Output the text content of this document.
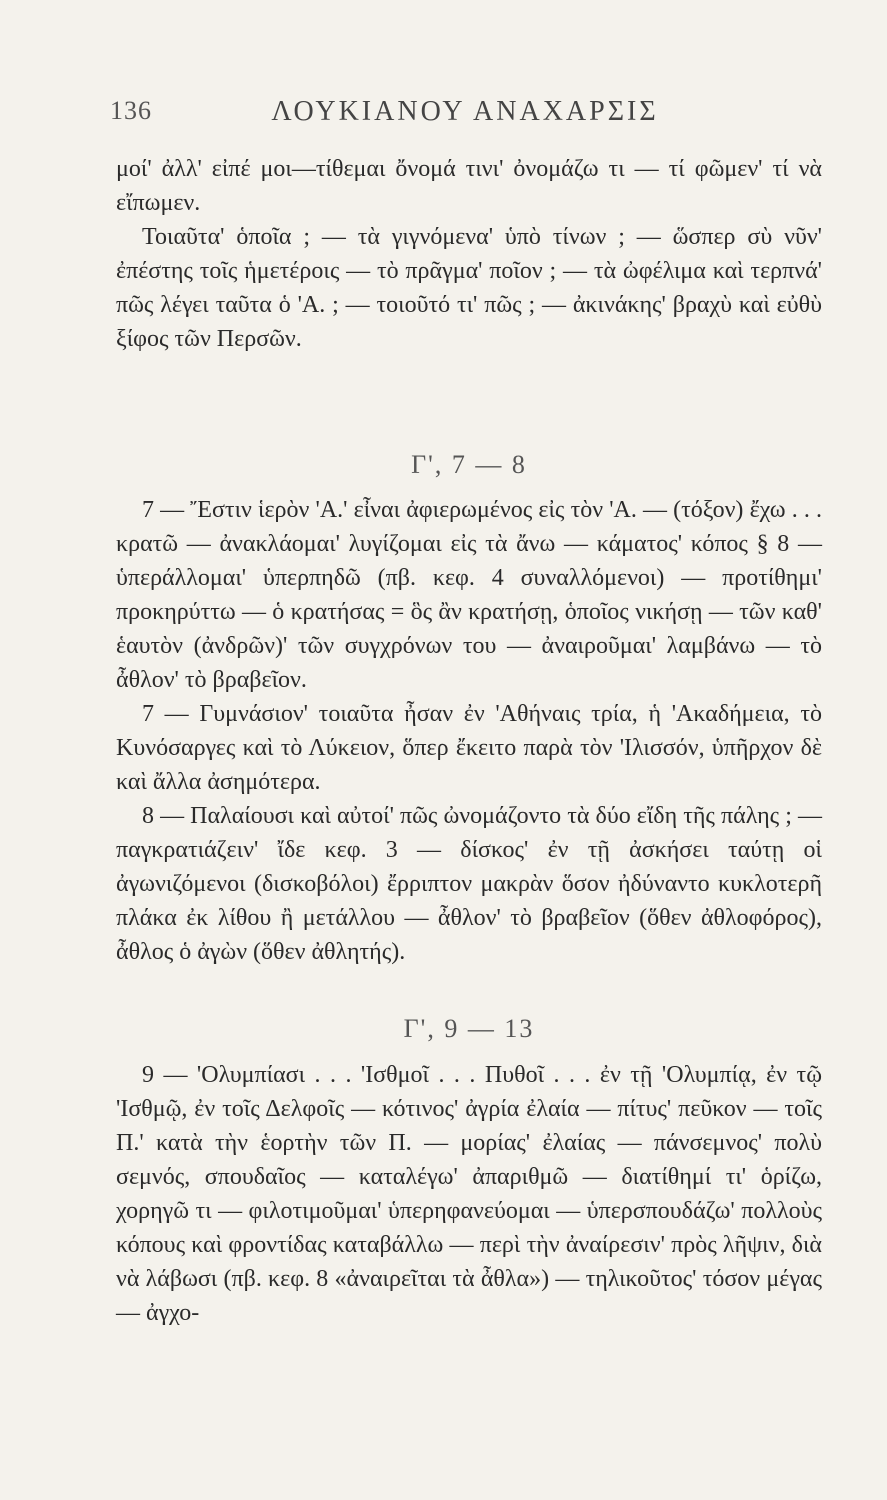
136	ΛΟΥΚΙΑΝΟΥ ΑΝΑΧΑΡΣΙΣ

μοί' ἀλλ' εἰπέ μοι—τίθεμαι ὄνομά τινι' ὀνομάζω τι — τί φῶμεν' τί νὰ εἴπωμεν.

Τοιαῦτα' ὁποῖα ; — τὰ γιγνόμενα' ὑπὸ τίνων ; — ὥσπερ σὺ νῦν' ἐπέστης τοῖς ἡμετέροις — τὸ πρᾶγμα' ποῖον ; — τὰ ὠφέλιμα καὶ τερπνά' πῶς λέγει ταῦτα ὁ 'Α. ; — τοιοῦτό τι' πῶς ; — ἀκινάκης' βραχὺ καὶ εὐθὺ ξίφος τῶν Περσῶν.

Γ', 7 — 8

7 — Ἔστιν ἱερὸν 'Α.' εἶναι ἀφιερωμένος εἰς τὸν 'Α. — (τόξον) ἔχω . . . κρατῶ — ἀνακλάομαι' λυγίζομαι εἰς τὰ ἄνω — κάματος' κόπος § 8 — ὑπεράλλομαι' ὑπερπηδῶ (πβ. κεφ. 4 συναλλόμενοι) — προτίθημι' προκηρύττω — ὁ κρατήσας = ὃς ἂν κρατήσῃ, ὁποῖος νικήσῃ — τῶν καθ' ἑαυτὸν (ἀνδρῶν)' τῶν συγχρόνων του — ἀναιροῦμαι' λαμβάνω — τὸ ἆθλον' τὸ βραβεῖον.

7 — Γυμνάσιον' τοιαῦτα ἦσαν ἐν 'Αθήναις τρία, ἡ 'Ακαδήμεια, τὸ Κυνόσαργες καὶ τὸ Λύκειον, ὅπερ ἔκειτο παρὰ τὸν 'Ιλισσόν, ὑπῆρχον δὲ καὶ ἄλλα ἀσημότερα.

8 — Παλαίουσι καὶ αὐτοί' πῶς ὠνομάζοντο τὰ δύο εἴδη τῆς πάλης ; — παγκρατιάζειν' ἴδε κεφ. 3 — δίσκος' ἐν τῇ ἀσκήσει ταύτῃ οἱ ἀγωνιζόμενοι (δισκοβόλοι) ἔρριπτον μακρὰν ὅσον ἠδύναντο κυκλοτερῆ πλάκα ἐκ λίθου ἢ μετάλλου — ἆθλον' τὸ βραβεῖον (ὅθεν ἀθλοφόρος), ἆθλος ὁ ἀγὼν (ὅθεν ἀθλητής).

Γ', 9 — 13

9 — 'Ολυμπίασι . . . 'Ισθμοῖ . . . Πυθοῖ . . . ἐν τῇ 'Ολυμπίᾳ, ἐν τῷ 'Ισθμῷ, ἐν τοῖς Δελφοῖς — κότινος' ἀγρία ἐλαία — πίτυς' πεῦκον — τοῖς Π.' κατὰ τὴν ἑορτὴν τῶν Π. — μορίας' ἐλαίας — πάνσεμνος' πολὺ σεμνός, σπουδαῖος — καταλέγω' ἀπαριθμῶ — διατίθημί τι' ὁρίζω, χορηγῶ τι — φιλοτιμοῦμαι' ὑπερηφανεύομαι — ὑπερσπουδάζω' πολλοὺς κόπους καὶ φροντίδας καταβάλλω — περὶ τὴν ἀναίρεσιν' πρὸς λῆψιν, διὰ νὰ λάβωσι (πβ. κεφ. 8 «ἀναιρεῖται τὰ ἆθλα») — τηλικοῦτος' τόσον μέγας — ἀγχο-
